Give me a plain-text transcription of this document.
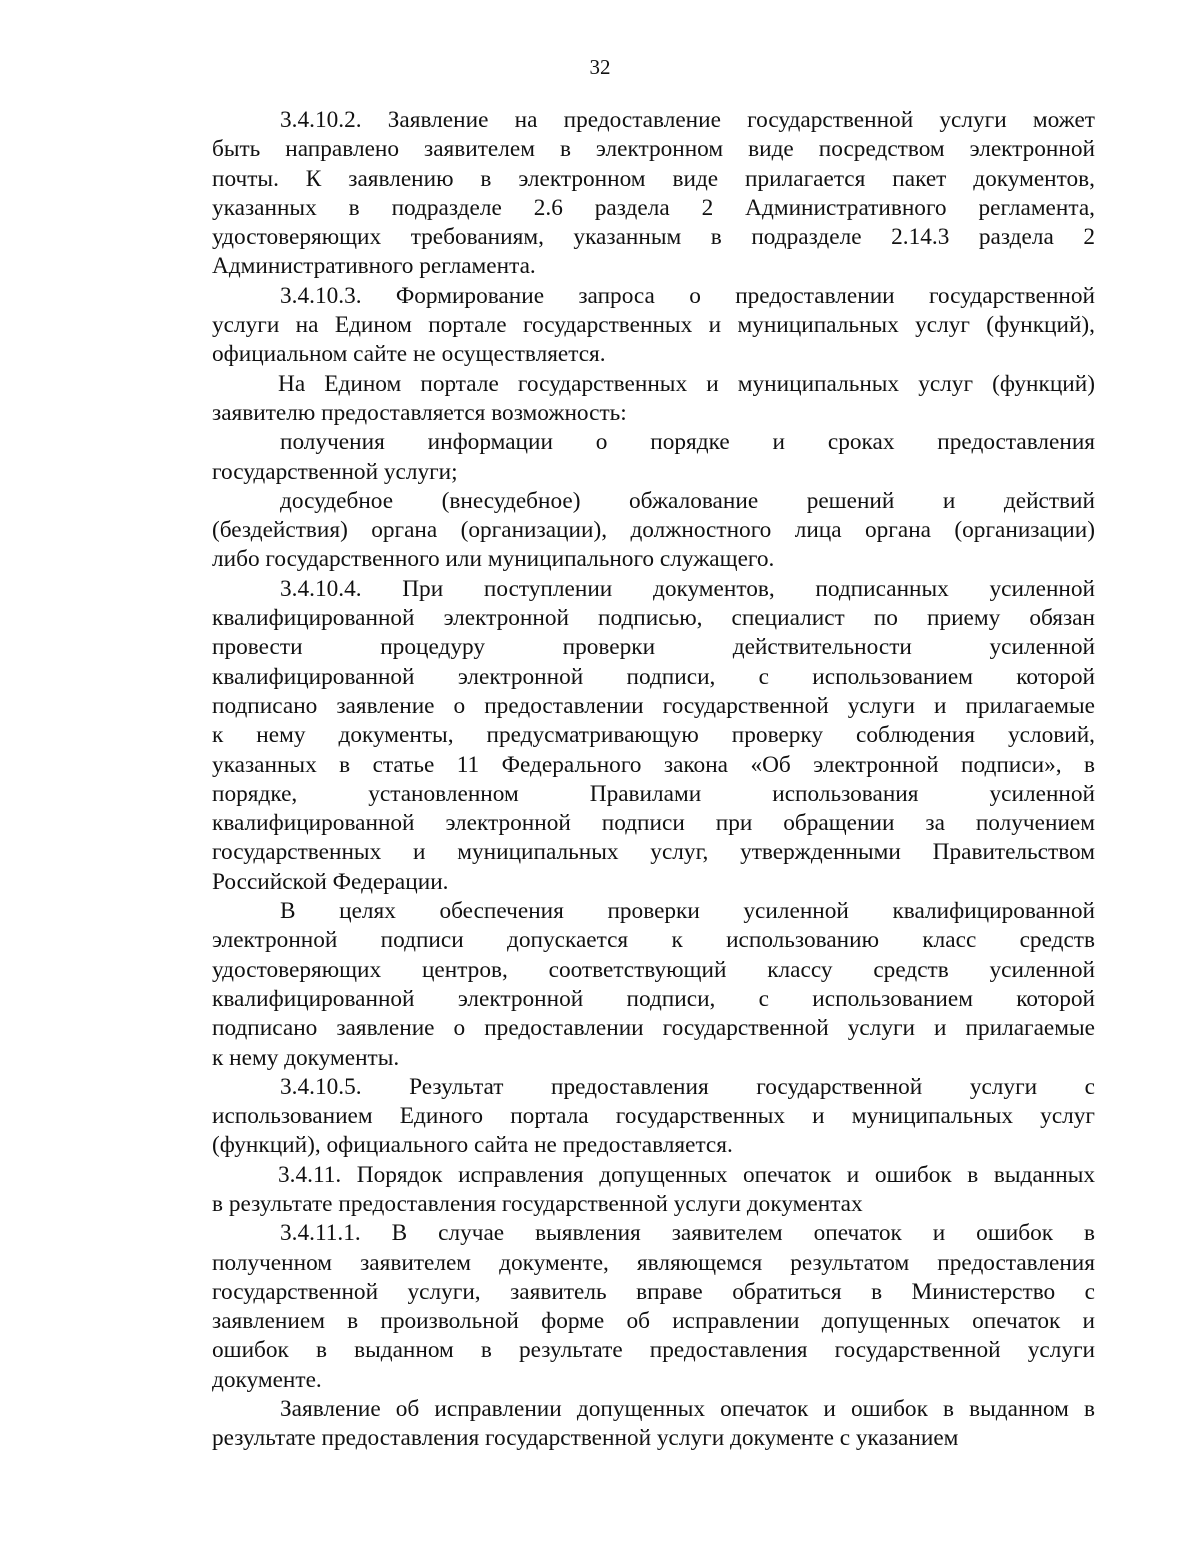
32
3.4.10.2. Заявление на предоставление государственной услуги может
быть направлено заявителем в электронном виде посредством электронной
почты. К заявлению в электронном виде прилагается пакет документов,
указанных в подразделе 2.6 раздела 2 Административного регламента,
удостоверяющих требованиям, указанным в подразделе 2.14.3 раздела 2
Административного регламента.
3.4.10.3. Формирование запроса о предоставлении государственной
услуги на Едином портале государственных и муниципальных услуг (функций),
официальном сайте не осуществляется.
На Едином портале государственных и муниципальных услуг (функций)
заявителю предоставляется возможность:
получения информации о порядке и сроках предоставления
государственной услуги;
досудебное (внесудебное) обжалование решений и действий
(бездействия) органа (организации), должностного лица органа (организации)
либо государственного или муниципального служащего.
3.4.10.4. При поступлении документов, подписанных усиленной
квалифицированной электронной подписью, специалист по приему обязан
провести процедуру проверки действительности усиленной
квалифицированной электронной подписи, с использованием которой
подписано заявление о предоставлении государственной услуги и прилагаемые
к нему документы, предусматривающую проверку соблюдения условий,
указанных в статье 11 Федерального закона «Об электронной подписи», в
порядке, установленном Правилами использования усиленной
квалифицированной электронной подписи при обращении за получением
государственных и муниципальных услуг, утвержденными Правительством
Российской Федерации.
В целях обеспечения проверки усиленной квалифицированной
электронной подписи допускается к использованию класс средств
удостоверяющих центров, соответствующий классу средств усиленной
квалифицированной электронной подписи, с использованием которой
подписано заявление о предоставлении государственной услуги и прилагаемые
к нему документы.
3.4.10.5. Результат предоставления государственной услуги с
использованием Единого портала государственных и муниципальных услуг
(функций), официального сайта не предоставляется.
3.4.11. Порядок исправления допущенных опечаток и ошибок в выданных
в результате предоставления государственной услуги документах
3.4.11.1. В случае выявления заявителем опечаток и ошибок в
полученном заявителем документе, являющемся результатом предоставления
государственной услуги, заявитель вправе обратиться в Министерство с
заявлением в произвольной форме об исправлении допущенных опечаток и
ошибок в выданном в результате предоставления государственной услуги
документе.
Заявление об исправлении допущенных опечаток и ошибок в выданном в
результате предоставления государственной услуги документе с указанием
